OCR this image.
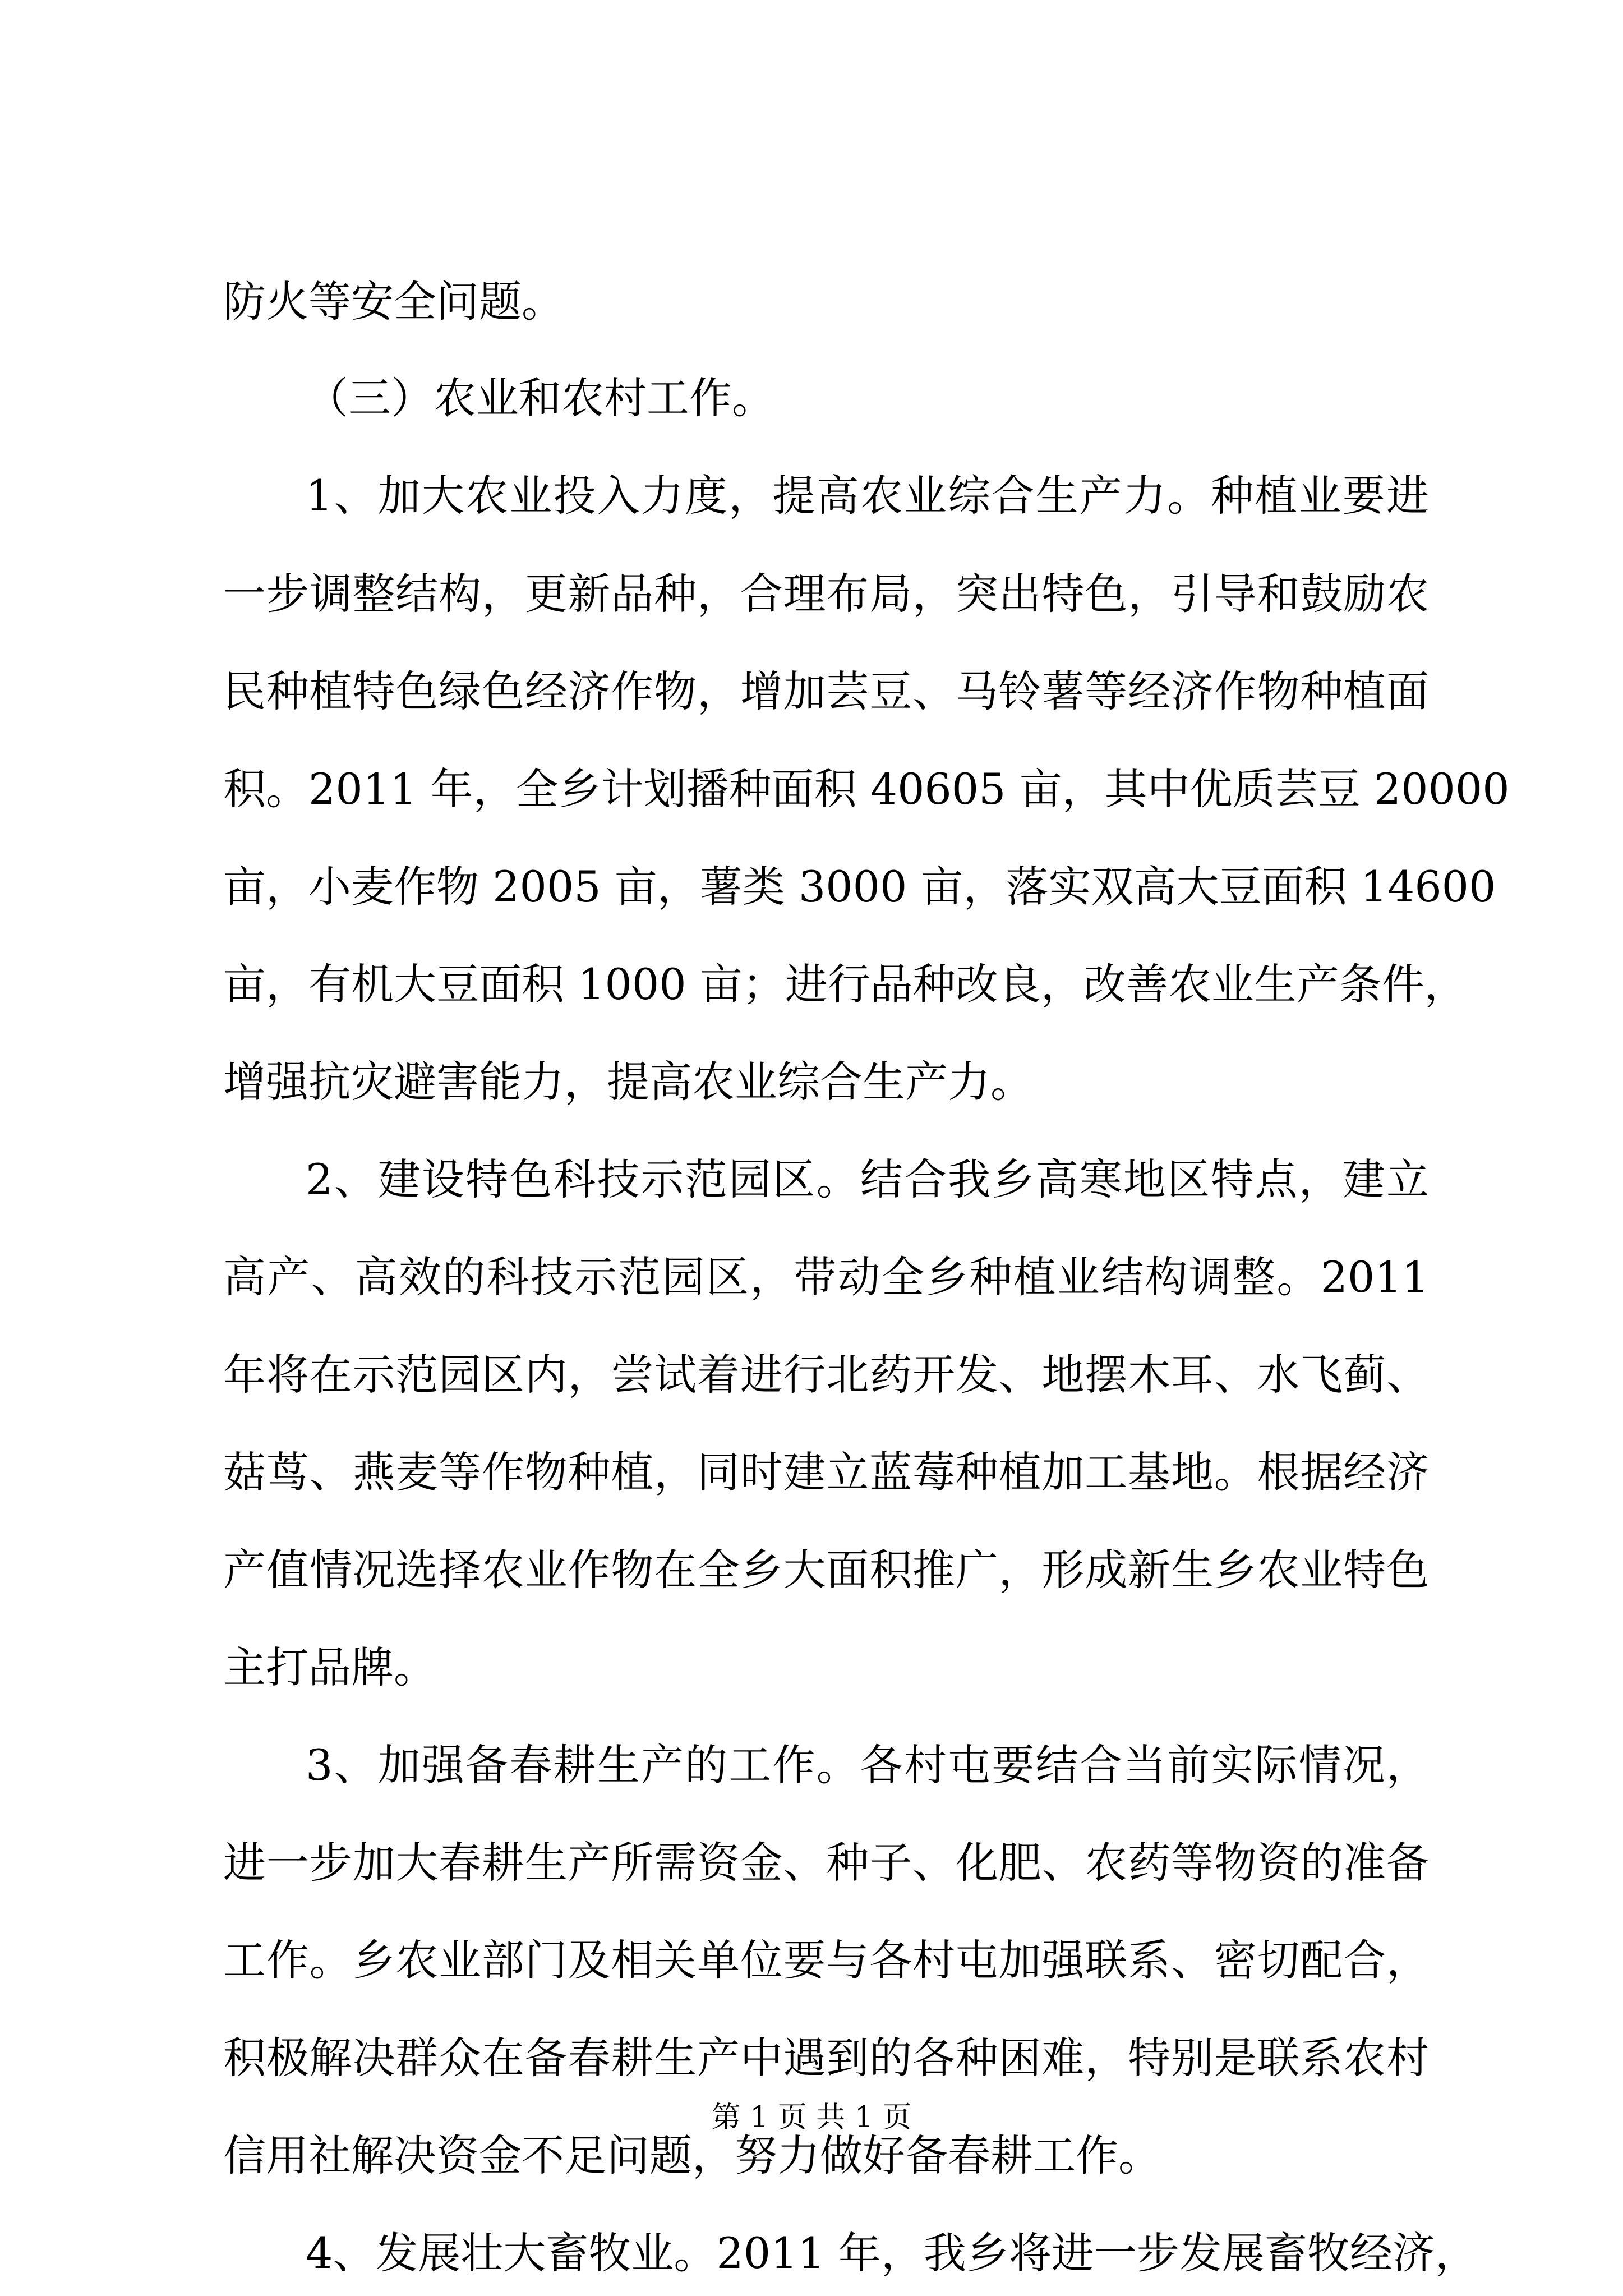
防火等安全问题。

（三）农业和农村工作。

1、加大农业投入力度，提高农业综合生产力。种植业要进

一步调整结构，更新品种，合理布局，突出特色，引导和鼓励农

民种植特色绿色经济作物，增加芸豆、马铃薯等经济作物种植面

积。2011 年，全乡计划播种面积 40605 亩，其中优质芸豆 20000

亩，小麦作物 2005 亩，薯类 3000 亩，落实双高大豆面积 14600

亩，有机大豆面积 1000 亩；进行品种改良，改善农业生产条件，

增强抗灾避害能力，提高农业综合生产力。

2、建设特色科技示范园区。结合我乡高寒地区特点，建立

高产、高效的科技示范园区，带动全乡种植业结构调整。2011

年将在示范园区内，尝试着进行北药开发、地摆木耳、水飞蓟、

菇茑、燕麦等作物种植，同时建立蓝莓种植加工基地。根据经济

产值情况选择农业作物在全乡大面积推广，形成新生乡农业特色

主打品牌。

3、加强备春耕生产的工作。各村屯要结合当前实际情况，

进一步加大春耕生产所需资金、种子、化肥、农药等物资的准备

工作。乡农业部门及相关单位要与各村屯加强联系、密切配合，

积极解决群众在备春耕生产中遇到的各种困难，特别是联系农村

信用社解决资金不足问题，努力做好备春耕工作。

4、发展壮大畜牧业。2011 年，我乡将进一步发展畜牧经济，

第 1 页 共 1 页
